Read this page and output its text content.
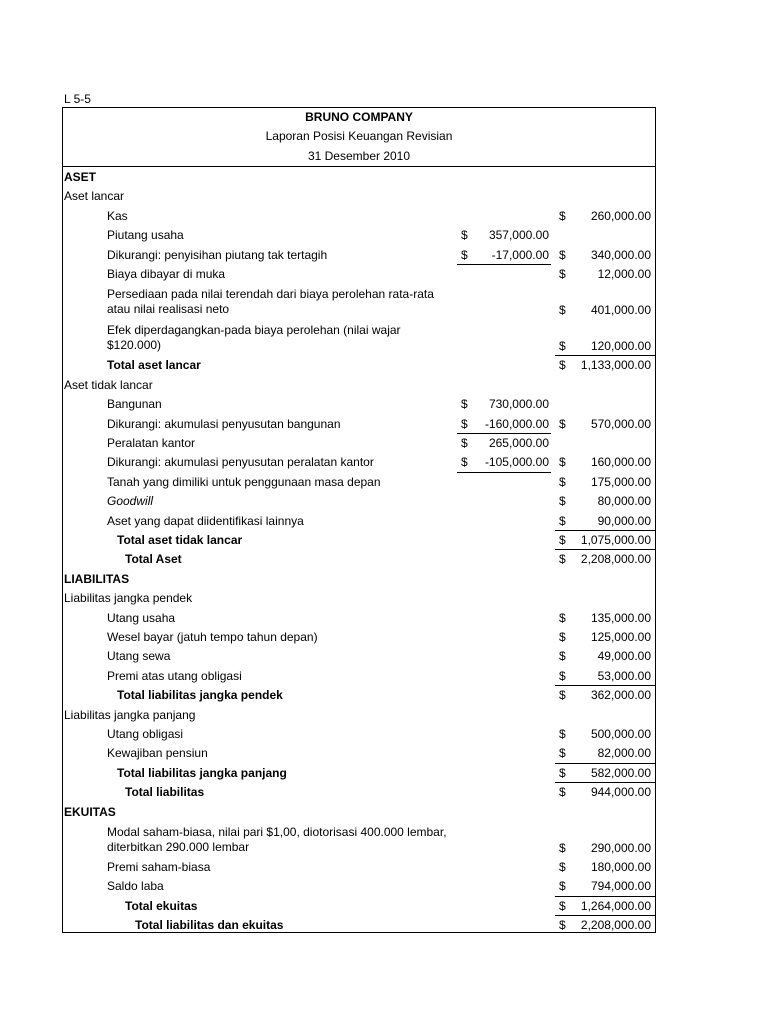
L 5-5
BRUNO COMPANY
Laporan Posisi Keuangan Revisian
31 Desember 2010
ASET
Aset lancar
Kas	$ 260,000.00
Piutang usaha	$ 357,000.00
Dikurangi: penyisihan piutang tak tertagih	$ -17,000.00 $ 340,000.00
Biaya dibayar di muka	$	12,000.00
Persediaan pada nilai terendah dari biaya perolehan rata-rata atau nilai realisasi neto	$ 401,000.00
Efek diperdagangkan-pada biaya perolehan (nilai wajar $120.000)	$ 120,000.00
Total aset lancar	$ 1,133,000.00
Aset tidak lancar
Bangunan	$ 730,000.00
Dikurangi: akumulasi penyusutan bangunan	$ -160,000.00 $ 570,000.00
Peralatan kantor	$ 265,000.00
Dikurangi: akumulasi penyusutan peralatan kantor	$ -105,000.00 $ 160,000.00
Tanah yang dimiliki untuk penggunaan masa depan	$ 175,000.00
Goodwill	$	80,000.00
Aset yang dapat diidentifikasi lainnya	$	90,000.00
Total aset tidak lancar	$ 1,075,000.00
Total Aset	$ 2,208,000.00
LIABILITAS
Liabilitas jangka pendek
Utang usaha	$ 135,000.00
Wesel bayar (jatuh tempo tahun depan)	$ 125,000.00
Utang sewa	$	49,000.00
Premi atas utang obligasi	$	53,000.00
Total liabilitas jangka pendek	$ 362,000.00
Liabilitas jangka panjang
Utang obligasi	$ 500,000.00
Kewajiban pensiun	$	82,000.00
Total liabilitas jangka panjang	$ 582,000.00
Total liabilitas	$ 944,000.00
EKUITAS
Modal saham-biasa, nilai pari $1,00, diotorisasi 400.000 lembar, diterbitkan 290.000 lembar	$ 290,000.00
Premi saham-biasa	$ 180,000.00
Saldo laba	$ 794,000.00
Total ekuitas	$ 1,264,000.00
Total liabilitas dan ekuitas	$ 2,208,000.00
